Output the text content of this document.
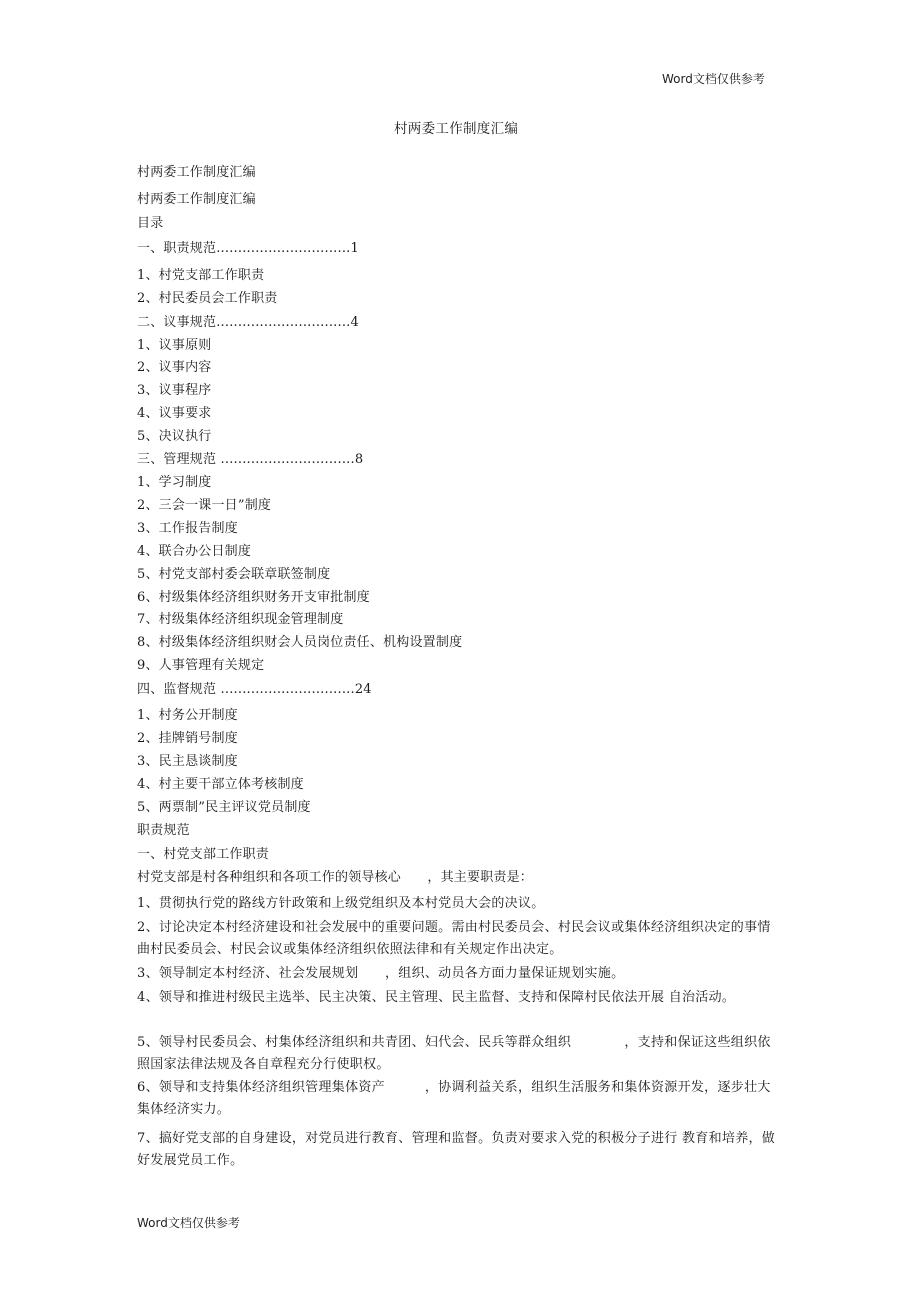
Word文档仅供参考
村两委工作制度汇编
村两委工作制度汇编
村两委工作制度汇编
目录
一、职责规范...............................1
1、村党支部工作职责
2、村民委员会工作职责
二、议事规范...............................4
1、议事原则
2、议事内容
3、议事程序
4、议事要求
5、决议执行
三、管理规范 ...............................8
1、学习制度
2、三会一课一日”制度
3、工作报告制度
4、联合办公日制度
5、村党支部村委会联章联签制度
6、村级集体经济组织财务开支审批制度
7、村级集体经济组织现金管理制度
8、村级集体经济组织财会人员岗位责任、机构设置制度
9、人事管理有关规定
四、监督规范 ...............................24
1、村务公开制度
2、挂牌销号制度
3、民主恳谈制度
4、村主要干部立体考核制度
5、两票制”民主评议党员制度
职责规范
一、村党支部工作职责
村党支部是村各种组织和各项工作的领导核心　　，其主要职责是：
1、贯彻执行党的路线方针政策和上级党组织及本村党员大会的决议。
2、讨论决定本村经济建设和社会发展中的重要问题。需由村民委员会、村民会议或集体经济组织决定的事情曲村民委员会、村民会议或集体经济组织依照法律和有关规定作出决定。
3、领导制定本村经济、社会发展规划　　，组织、动员各方面力量保证规划实施。
4、领导和推进村级民主选举、民主决策、民主管理、民主监督、支持和保障村民依法开展 自治活动。
5、领导村民委员会、村集体经济组织和共青团、妇代会、民兵等群众组织　　　　，支持和保证这些组织依照国家法律法规及各自章程充分行使职权。
6、领导和支持集体经济组织管理集体资产　　　，协调利益关系，组织生活服务和集体资源开发，逐步壮大集体经济实力。
7、搞好党支部的自身建设，对党员进行教育、管理和监督。负责对要求入党的积极分子进行 教育和培养，做好发展党员工作。
Word文档仅供参考
